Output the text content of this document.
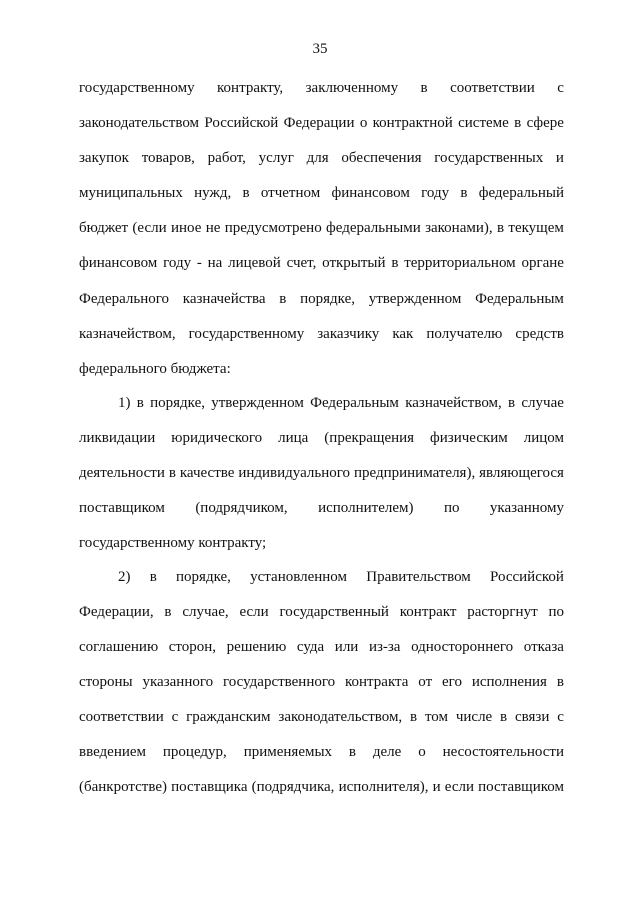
35
государственному контракту, заключенному в соответствии с
законодательством Российской Федерации о контрактной системе в сфере
закупок товаров, работ, услуг для обеспечения государственных и
муниципальных нужд, в отчетном финансовом году в федеральный
бюджет (если иное не предусмотрено федеральными законами), в текущем
финансовом году - на лицевой счет, открытый в территориальном органе
Федерального казначейства в порядке, утвержденном Федеральным
казначейством, государственному заказчику как получателю средств
федерального бюджета:
1) в порядке, утвержденном Федеральным казначейством, в случае
ликвидации юридического лица (прекращения физическим лицом
деятельности в качестве индивидуального предпринимателя), являющегося
поставщиком (подрядчиком, исполнителем) по указанному
государственному контракту;
2) в порядке, установленном Правительством Российской
Федерации, в случае, если государственный контракт расторгнут по
соглашению сторон, решению суда или из-за одностороннего отказа
стороны указанного государственного контракта от его исполнения в
соответствии с гражданским законодательством, в том числе в связи с
введением процедур, применяемых в деле о несостоятельности
(банкротстве) поставщика (подрядчика, исполнителя), и если поставщиком
